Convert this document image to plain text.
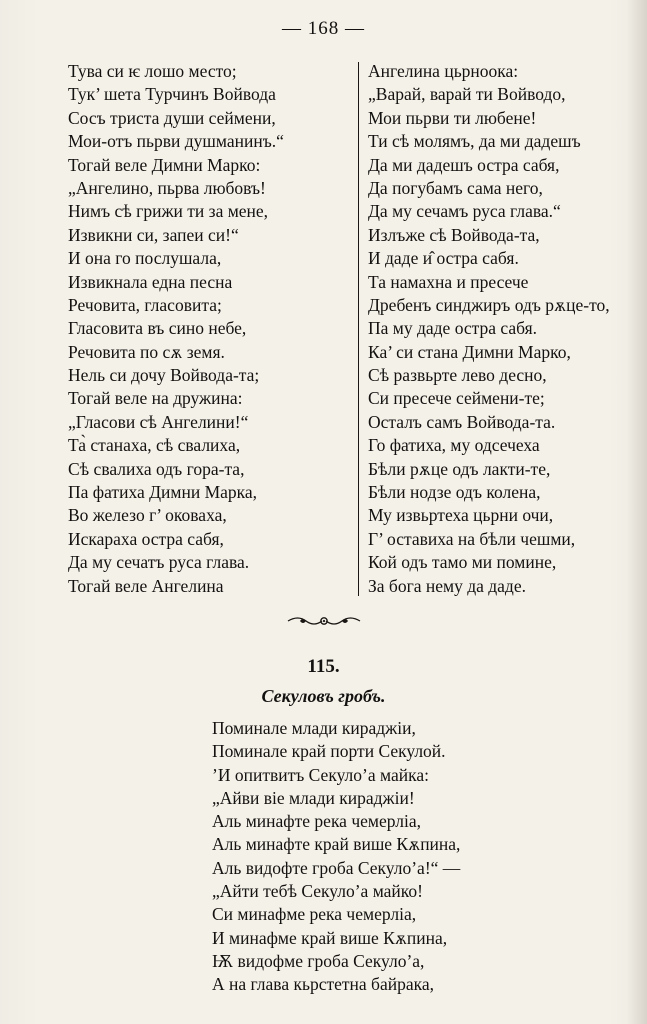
— 168 —
Тува си ѥ лошо место;
Тук’ шета Турчинъ Войвода
Сосъ триста души сеймени,
Мои-отъ пьрви душманинъ.“
Тогай веле Димни Марко:
„Ангелино, пьрва любовъ!
Нимъ сѣ грижи ти за мене,
Извикни си, запеи си!“
И она го послушала,
Извикнала една песна
Речовита, гласовита;
Гласовита въ сино небе,
Речовита по сѫ земя.
Нель си дочу Войвода-та;
Тогай веле на дружина:
„Гласови сѣ Ангелини!“
Та̀ станаха, сѣ свалиха,
Сѣ свалиха одъ гора-та,
Па фатиха Димни Марка,
Во железо г’ оковаха,
Искараха остра сабя,
Да му сечатъ руса глава.
Тогай веле Ангелина
Ангелина цьрноока:
„Варай, варай ти Войводо,
Мои пьрви ти любене!
Ти сѣ молямъ, да ми дадешъ
Да ми дадешъ остра сабя,
Да погубамъ сама него,
Да му сечамъ руса глава.“
Излъже сѣ Войвода-та,
И даде и̂ остра сабя.
Та намахна и пресече
Дребенъ синджиръ одъ рѫце-то,
Па му даде остра сабя.
Ка’ си стана Димни Марко,
Сѣ развьрте лево десно,
Си пресече сеймени-те;
Осталъ самъ Войвода-та.
Го фатиха, му одсечеха
Бѣли рѫце одъ лакти-те,
Бѣли нодзе одъ колена,
Му извьртеха цьрни очи,
Г’ оставиха на бѣли чешми,
Кой одъ тамо ми помине,
За бога нему да даде.
115.
Секуловъ гробъ.
Поминале млади кираджіи,
Поминале край порти Секулой.
’И опитвитъ Секуло’а майка:
„Айви віе млади кираджіи!
Аль минафте река чемерліа,
Аль минафте край више Кѫпина,
Аль видофте гроба Секуло’а!“ —
„Айти тебѣ Секуло’а майко!
Си минафме река чемерліа,
И минафме край више Кѫпина,
Ѭ видофме гроба Секуло’а,
А на глава кьрстетна байрака,
